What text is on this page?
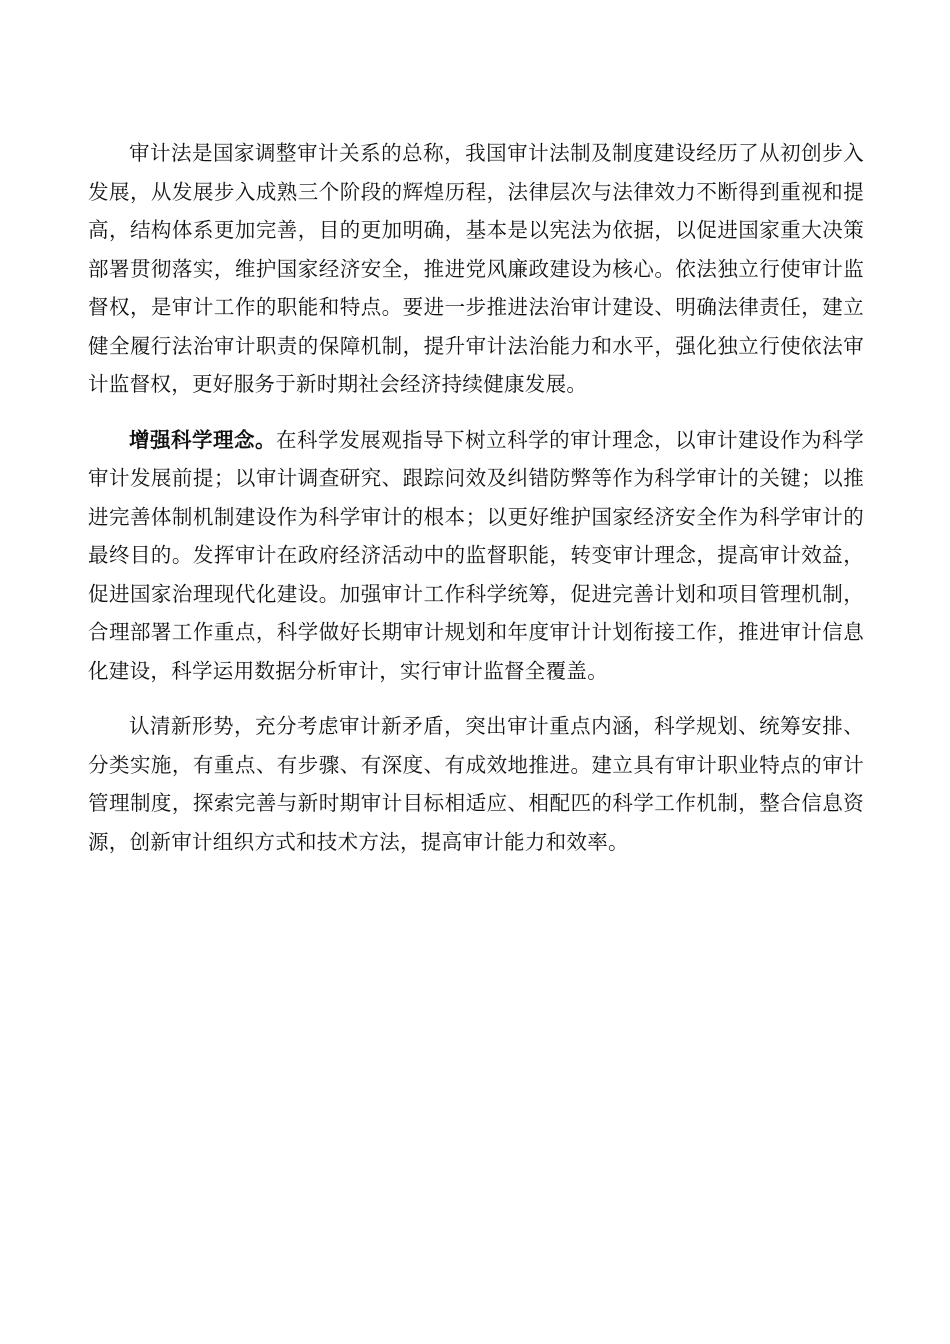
审计法是国家调整审计关系的总称，我国审计法制及制度建设经历了从初创步入发展，从发展步入成熟三个阶段的辉煌历程，法律层次与法律效力不断得到重视和提高，结构体系更加完善，目的更加明确，基本是以宪法为依据，以促进国家重大决策部署贯彻落实，维护国家经济安全，推进党风廉政建设为核心。依法独立行使审计监督权，是审计工作的职能和特点。要进一步推进法治审计建设、明确法律责任，建立健全履行法治审计职责的保障机制，提升审计法治能力和水平，强化独立行使依法审计监督权，更好服务于新时期社会经济持续健康发展。

增强科学理念。在科学发展观指导下树立科学的审计理念，以审计建设作为科学审计发展前提；以审计调查研究、跟踪问效及纠错防弊等作为科学审计的关键；以推进完善体制机制建设作为科学审计的根本；以更好维护国家经济安全作为科学审计的最终目的。发挥审计在政府经济活动中的监督职能，转变审计理念，提高审计效益，促进国家治理现代化建设。加强审计工作科学统筹，促进完善计划和项目管理机制，合理部署工作重点，科学做好长期审计规划和年度审计计划衔接工作，推进审计信息化建设，科学运用数据分析审计，实行审计监督全覆盖。

认清新形势，充分考虑审计新矛盾，突出审计重点内涵，科学规划、统筹安排、分类实施，有重点、有步骤、有深度、有成效地推进。建立具有审计职业特点的审计管理制度，探索完善与新时期审计目标相适应、相配匹的科学工作机制，整合信息资源，创新审计组织方式和技术方法，提高审计能力和效率。
